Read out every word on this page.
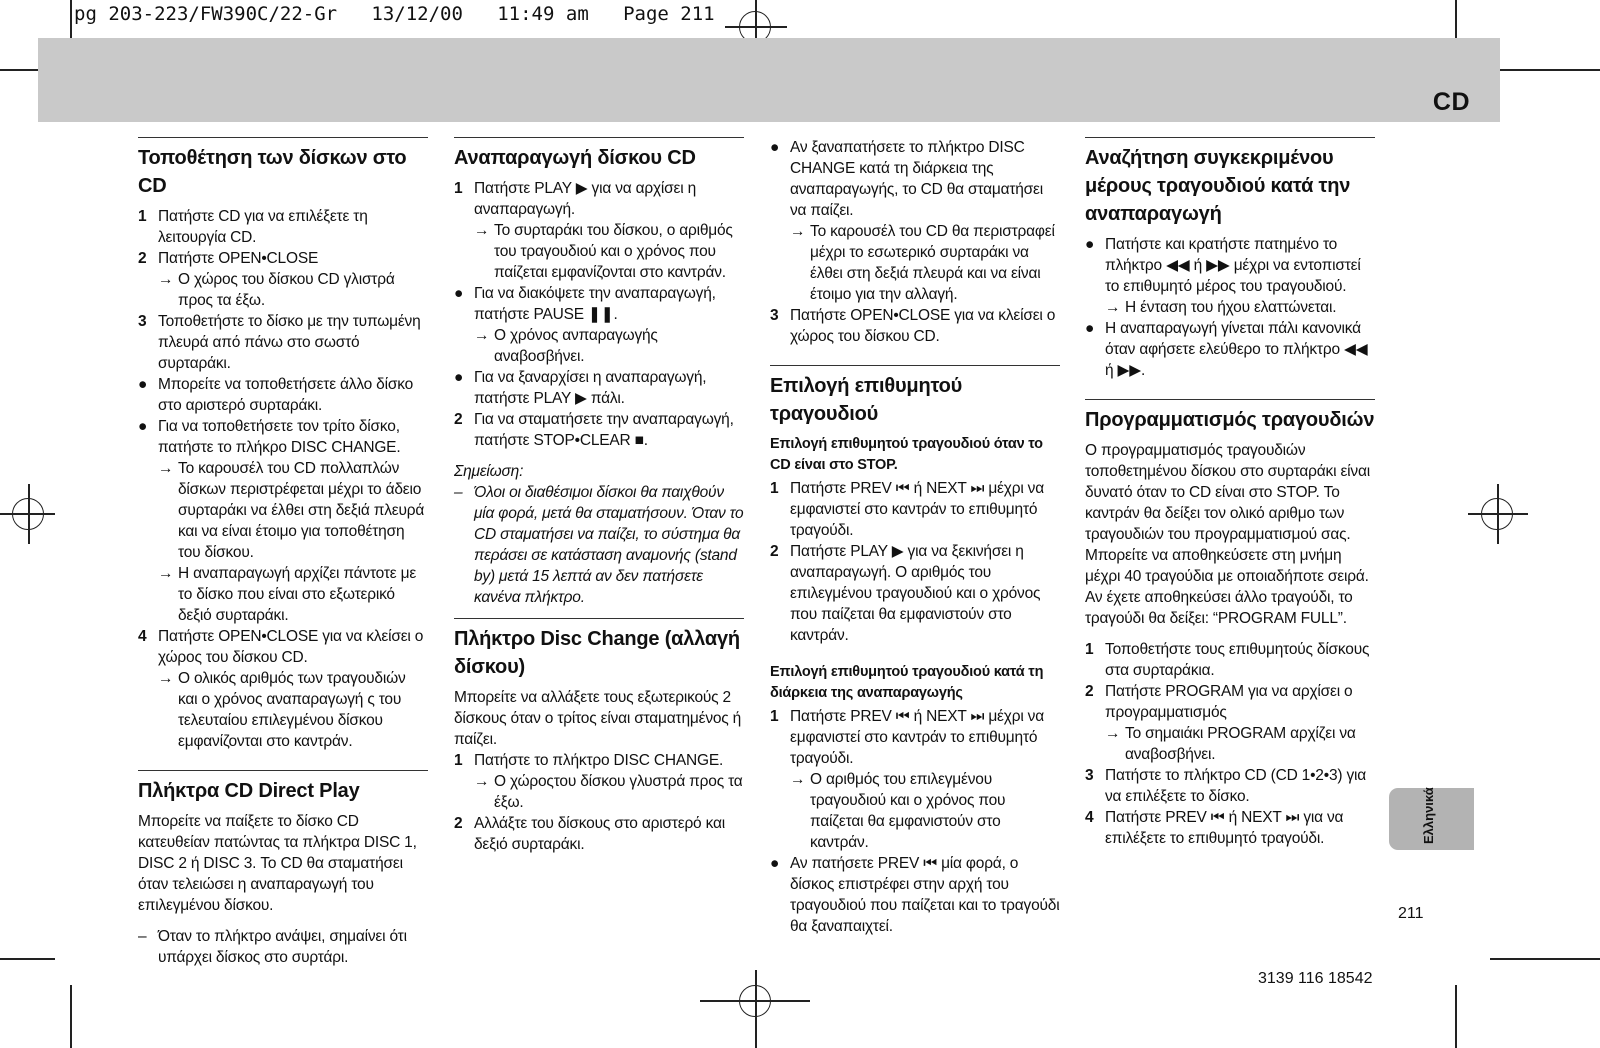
pg 203-223/FW390C/22-Gr   13/12/00   11:49 am   Page 211
CD
Τοποθέτηση των δίσκων στο CD
1 Πατήστε CD για να επιλέξετε τη λειτουργία CD.
2 Πατήστε OPEN•CLOSE
→ Ο χώρος του δίσκου CD γλιστρά προς τα έξω.
3 Τοποθετήστε το δίσκο με την τυπωμένη πλευρά από πάνω στο σωστό συρταράκι.
● Μπορείτε να τοποθετήσετε άλλο δίσκο στο αριστερό συρταράκι.
● Για να τοποθετήσετε τον τρίτο δίσκο, πατήστε το πλήκρο DISC CHANGE.
→ Το καρουσέλ του CD πολλαπλών δίσκων περιστρέφεται μέχρι το άδειο συρταράκι να έλθει στη δεξιά πλευρά και να είναι έτοιμο για τοποθέτηση του δίσκου.
→ Η αναπαραγωγή αρχίζει πάντοτε με το δίσκο που είναι στο εξωτερικό δεξιό συρταράκι.
4 Πατήστε OPEN•CLOSE για να κλείσει ο χώρος του δίσκου CD.
→ Ο ολικός αριθμός των τραγουδιών και ο χρόνος αναπαραγωγή ς του τελευταίου επιλεγμένου δίσκου εμφανίζονται στο καντράν.
Πλήκτρα CD Direct Play
Μπορείτε να παίξετε το δίσκο CD κατευθείαν πατώντας τα πλήκτρα DISC 1, DISC 2 ή DISC 3. Το CD θα σταματήσει όταν τελειώσει η αναπαραγωγή του επιλεγμένου δίσκου.
– Όταν το πλήκτρο ανάψει, σημαίνει ότι υπάρχει δίσκος στο συρτάρι.
Αναπαραγωγή δίσκου CD
1 Πατήστε PLAY ▶ για να αρχίσει η αναπαραγωγή.
→ Το συρταράκι του δίσκου, ο αριθμός του τραγουδιού και ο χρόνος που παίζεται εμφανίζονται στο καντράν.
● Για να διακόψετε την αναπαραγωγή, πατήστε PAUSE ❚❚.
→ Ο χρόνος ανπαραγωγής αναβοσβήνει.
● Για να ξαναρχίσει η αναπαραγωγή, πατήστε PLAY ▶ πάλι.
2 Για να σταματήσετε την αναπαραγωγή, πατήστε STOP•CLEAR ■.
Σημείωση:
– Όλοι οι διαθέσιμοι δίσκοι θα παιχθούν μία φορά, μετά θα σταματήσουν. Όταν το CD σταματήσει να παίζει, το σύστημα θα περάσει σε κατάσταση αναμονής (stand by) μετά 15 λεπτά αν δεν πατήσετε κανένα πλήκτρο.
Πλήκτρο Disc Change (αλλαγή δίσκου)
Μπορείτε να αλλάξετε τους εξωτερικούς 2 δίσκους όταν ο τρίτος είναι σταματημένος ή παίζει.
1 Πατήστε το πλήκτρο DISC CHANGE.
→ Ο χώροςτου δίσκου γλυστρά προς τα έξω.
2 Αλλάξτε του δίσκους στο αριστερό και δεξιό συρταράκι.
● Αν ξαναπατήσετε το πλήκτρο DISC CHANGE κατά τη διάρκεια της αναπαραγωγής, το CD θα σταματήσει να παίζει.
→ Το καρουσέλ του CD θα περιστραφεί μέχρι το εσωτερικό συρταράκι να έλθει στη δεξιά πλευρά και να είναι έτοιμο για την αλλαγή.
3 Πατήστε OPEN•CLOSE για να κλείσει ο χώρος του δίσκου CD.
Επιλογή επιθυμητού τραγουδιού
Επιλογή επιθυμητού τραγουδιού όταν το CD είναι στο STOP.
1 Πατήστε PREV ⏮ ή NEXT ⏭ μέχρι να εμφανιστεί στο καντράν το επιθυμητό τραγούδι.
2 Πατήστε PLAY ▶ για να ξεκινήσει η αναπαραγωγή. Ο αριθμός του επιλεγμένου τραγουδιού και ο χρόνος που παίζεται θα εμφανιστούν στο καντράν.
Επιλογή επιθυμητού τραγουδιού κατά τη διάρκεια της αναπαραγωγής
1 Πατήστε PREV ⏮ ή NEXT ⏭ μέχρι να εμφανιστεί στο καντράν το επιθυμητό τραγούδι.
→ Ο αριθμός του επιλεγμένου τραγουδιού και ο χρόνος που παίζεται θα εμφανιστούν στο καντράν.
● Αν πατήσετε PREV ⏮ μία φορά, ο δίσκος επιστρέφει στην αρχή του τραγουδιού που παίζεται και το τραγούδι θα ξαναπαιχτεί.
Αναζήτηση συγκεκριμένου μέρους τραγουδιού κατά την αναπαραγωγή
● Πατήστε και κρατήστε πατημένο το πλήκτρο ◀◀ ή ▶▶ μέχρι να εντοπιστεί το επιθυμητό μέρος του τραγουδιού.
→ Η ένταση του ήχου ελαττώνεται.
● Η αναπαραγωγή γίνεται πάλι κανονικά όταν αφήσετε ελεύθερο το πλήκτρο ◀◀ ή ▶▶.
Προγραμματισμός τραγουδιών
Ο προγραμματισμός τραγουδιών τοποθετημένου δίσκου στο συρταράκι είναι δυνατό όταν το CD είναι στο STOP. Το καντράν θα δείξει τον ολικό αριθμο των τραγουδιών του προγραμματισμού σας. Μπορείτε να αποθηκεύσετε στη μνήμη μέχρι 40 τραγούδια με οποιαδήποτε σειρά. Αν έχετε αποθηκεύσει άλλο τραγούδι, το τραγούδι θα δείξει: “PROGRAM FULL”.
1 Τοποθετήστε τους επιθυμητούς δίσκους στα συρταράκια.
2 Πατήστε PROGRAM για να αρχίσει ο προγραμματισμός
→ Το σημαιάκι PROGRAM αρχίζει να αναβοσβήνει.
3 Πατήστε το πλήκτρο CD (CD 1•2•3) για να επιλέξετε το δίσκο.
4 Πατήστε PREV ⏮ ή NEXT ⏭ για να επιλέξετε το επιθυμητό τραγούδι.	Ελληνικά
211
3139 116 18542
